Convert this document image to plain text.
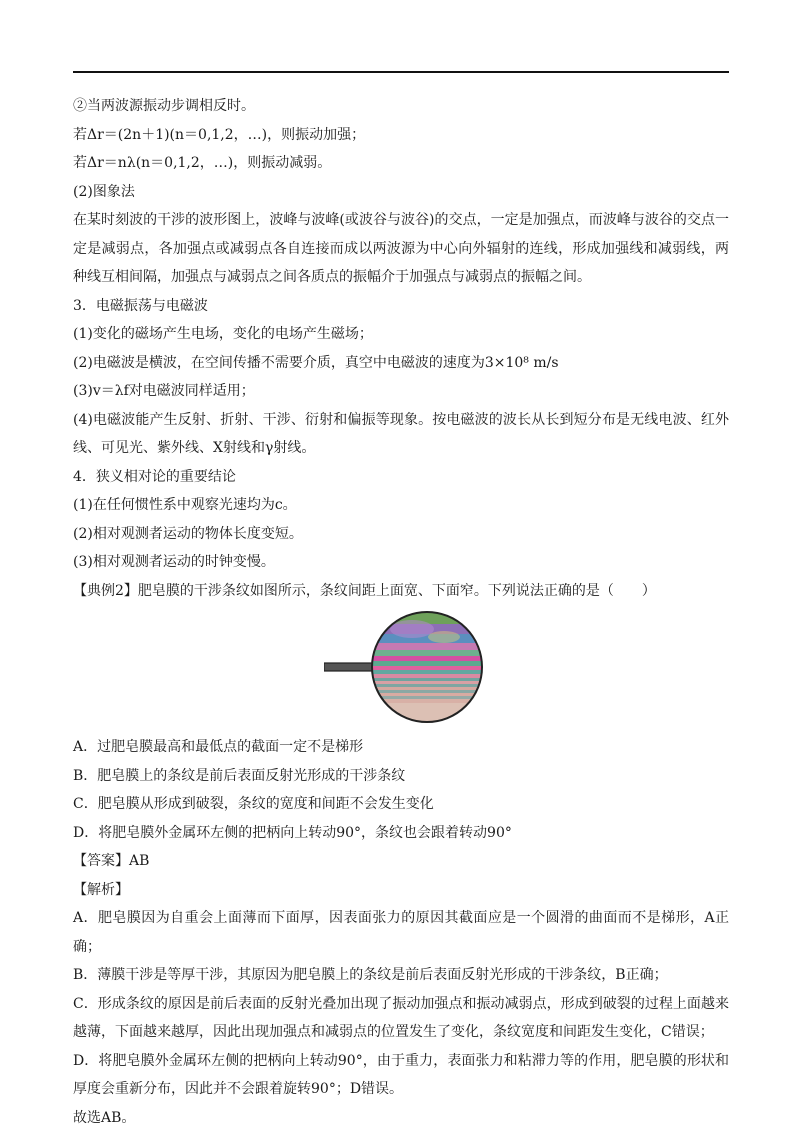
②当两波源振动步调相反时。
若Δr＝(2n＋1)(n＝0,1,2，…)，则振动加强；
若Δr＝nλ(n＝0,1,2，…)，则振动减弱。
(2)图象法
在某时刻波的干涉的波形图上，波峰与波峰(或波谷与波谷)的交点，一定是加强点，而波峰与波谷的交点一定是减弱点，各加强点或减弱点各自连接而成以两波源为中心向外辐射的连线，形成加强线和减弱线，两种线互相间隔，加强点与减弱点之间各质点的振幅介于加强点与减弱点的振幅之间。
3．电磁振荡与电磁波
(1)变化的磁场产生电场，变化的电场产生磁场；
(2)电磁波是横波，在空间传播不需要介质，真空中电磁波的速度为3×10⁸ m/s
(3)v＝λf对电磁波同样适用；
(4)电磁波能产生反射、折射、干涉、衍射和偏振等现象。按电磁波的波长从长到短分布是无线电波、红外线、可见光、紫外线、X射线和γ射线。
4．狭义相对论的重要结论
(1)在任何惯性系中观察光速均为c。
(2)相对观测者运动的物体长度变短。
(3)相对观测者运动的时钟变慢。
【典例2】肥皂膜的干涉条纹如图所示，条纹间距上面宽、下面窄。下列说法正确的是（　　）
A．过肥皂膜最高和最低点的截面一定不是梯形
B．肥皂膜上的条纹是前后表面反射光形成的干涉条纹
C．肥皂膜从形成到破裂，条纹的宽度和间距不会发生变化
D．将肥皂膜外金属环左侧的把柄向上转动90°，条纹也会跟着转动90°
【答案】AB
【解析】
A．肥皂膜因为自重会上面薄而下面厚，因表面张力的原因其截面应是一个圆滑的曲面而不是梯形，A正确；
B．薄膜干涉是等厚干涉，其原因为肥皂膜上的条纹是前后表面反射光形成的干涉条纹，B正确；
C．形成条纹的原因是前后表面的反射光叠加出现了振动加强点和振动减弱点，形成到破裂的过程上面越来越薄，下面越来越厚，因此出现加强点和减弱点的位置发生了变化，条纹宽度和间距发生变化，C错误；
D．将肥皂膜外金属环左侧的把柄向上转动90°，由于重力，表面张力和粘滞力等的作用，肥皂膜的形状和厚度会重新分布，因此并不会跟着旋转90°；D错误。
故选AB。
